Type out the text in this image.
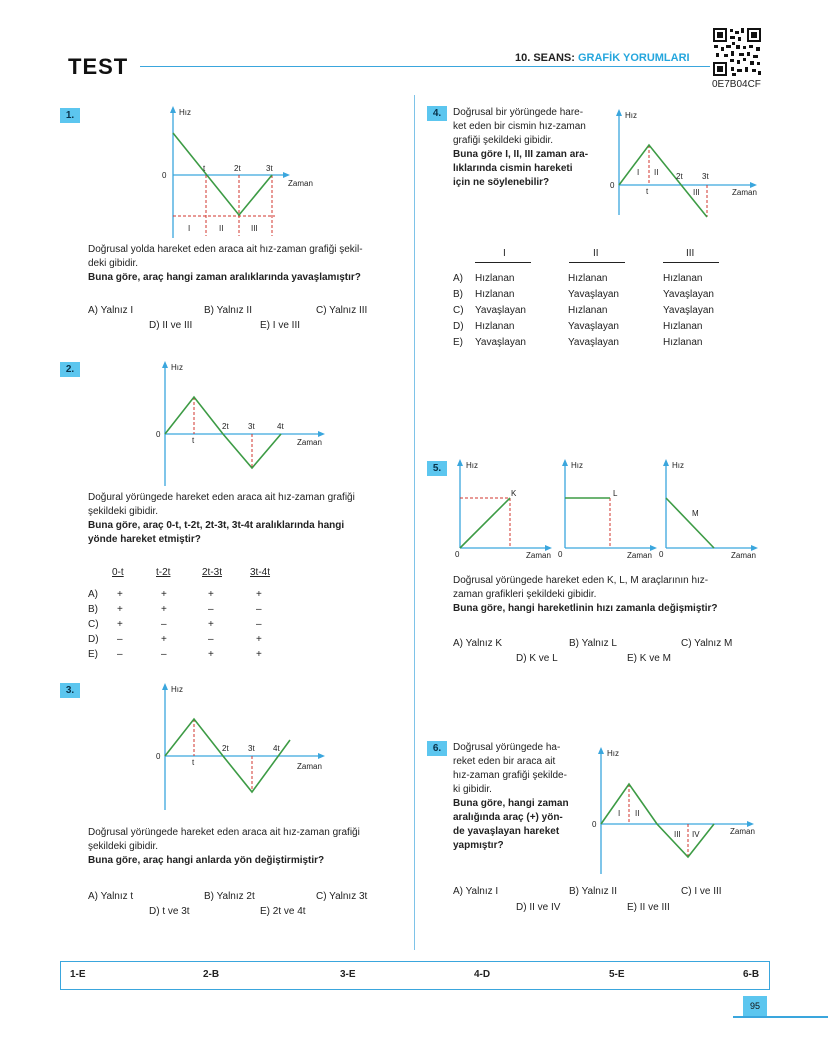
TEST	10. SEANS: GRAFİK YORUMLARI
0E7B04CF
1.	Hız
0
t	2t	3t
Zaman
I	II	III
Doğrusal yolda hareket eden araca ait hız-zaman grafiği şekil-
deki gibidir.
Buna göre, araç hangi zaman aralıklarında yavaşlamıştır?
A) Yalnız I	B) Yalnız II	C) Yalnız III
D) II ve III	E) I ve III
2.	Hız
0
t
2t 3t	4t
Zaman
Doğural yörüngede hareket eden araca ait hız-zaman grafiği
şekildeki gibidir.
Buna göre, araç 0-t, t-2t, 2t-3t, 3t-4t aralıklarında hangi
yönde hareket etmiştir?
0-t	t-2t	2t-3t	3t-4t
A) +	+	+	+
B) +	+	–	–
C) +	–	+	–
D) –	+	–	+
E) –	–	+	+
3.	Hız
0
t
2t 3t 4t
Zaman
Doğrusal yörüngede hareket eden araca ait hız-zaman grafiği
şekildeki gibidir.
Buna göre, araç hangi anlarda yön değiştirmiştir?
A) Yalnız t	B) Yalnız 2t	C) Yalnız 3t
D) t ve 3t	E) 2t ve 4t
4.	Doğrusal bir yörüngede hare-
ket eden bir cismin hız-zaman
grafiği şekildeki gibidir.
Buna göre I, II, III zaman ara-
lıklarında cismin hareketi
için ne söylenebilir?
Hız
0
t
2t 3t
Zaman
I II
III
I	II	III
A) Hızlanan	Hızlanan	Hızlanan
B) Hızlanan	Yavaşlayan	Yavaşlayan
C) Yavaşlayan	Hızlanan	Yavaşlayan
D) Hızlanan	Yavaşlayan	Hızlanan
E) Yavaşlayan	Yavaşlayan	Hızlanan
5.	Hız
0
K
Zaman
Hız
0
L
Zaman
Hız
0
M
Zaman
Doğrusal yörüngede hareket eden K, L, M araçlarının hız-
zaman grafikleri şekildeki gibidir.
Buna göre, hangi hareketlinin hızı zamanla değişmiştir?
A) Yalnız K	B) Yalnız L	C) Yalnız M
D) K ve L	E) K ve M
6.	Doğrusal yörüngede ha-
reket eden bir araca ait
hız-zaman grafiği şekilde-
ki gibidir.
Buna göre, hangi zaman
aralığında araç (+) yön-
de yavaşlayan hareket
yapmıştır?
Hız
0
I II
III IV	Zaman
A) Yalnız I	B) Yalnız II	C) I ve III
D) II ve IV	E) II ve III
1-E	2-B	3-E	4-D	5-E	6-B
95
